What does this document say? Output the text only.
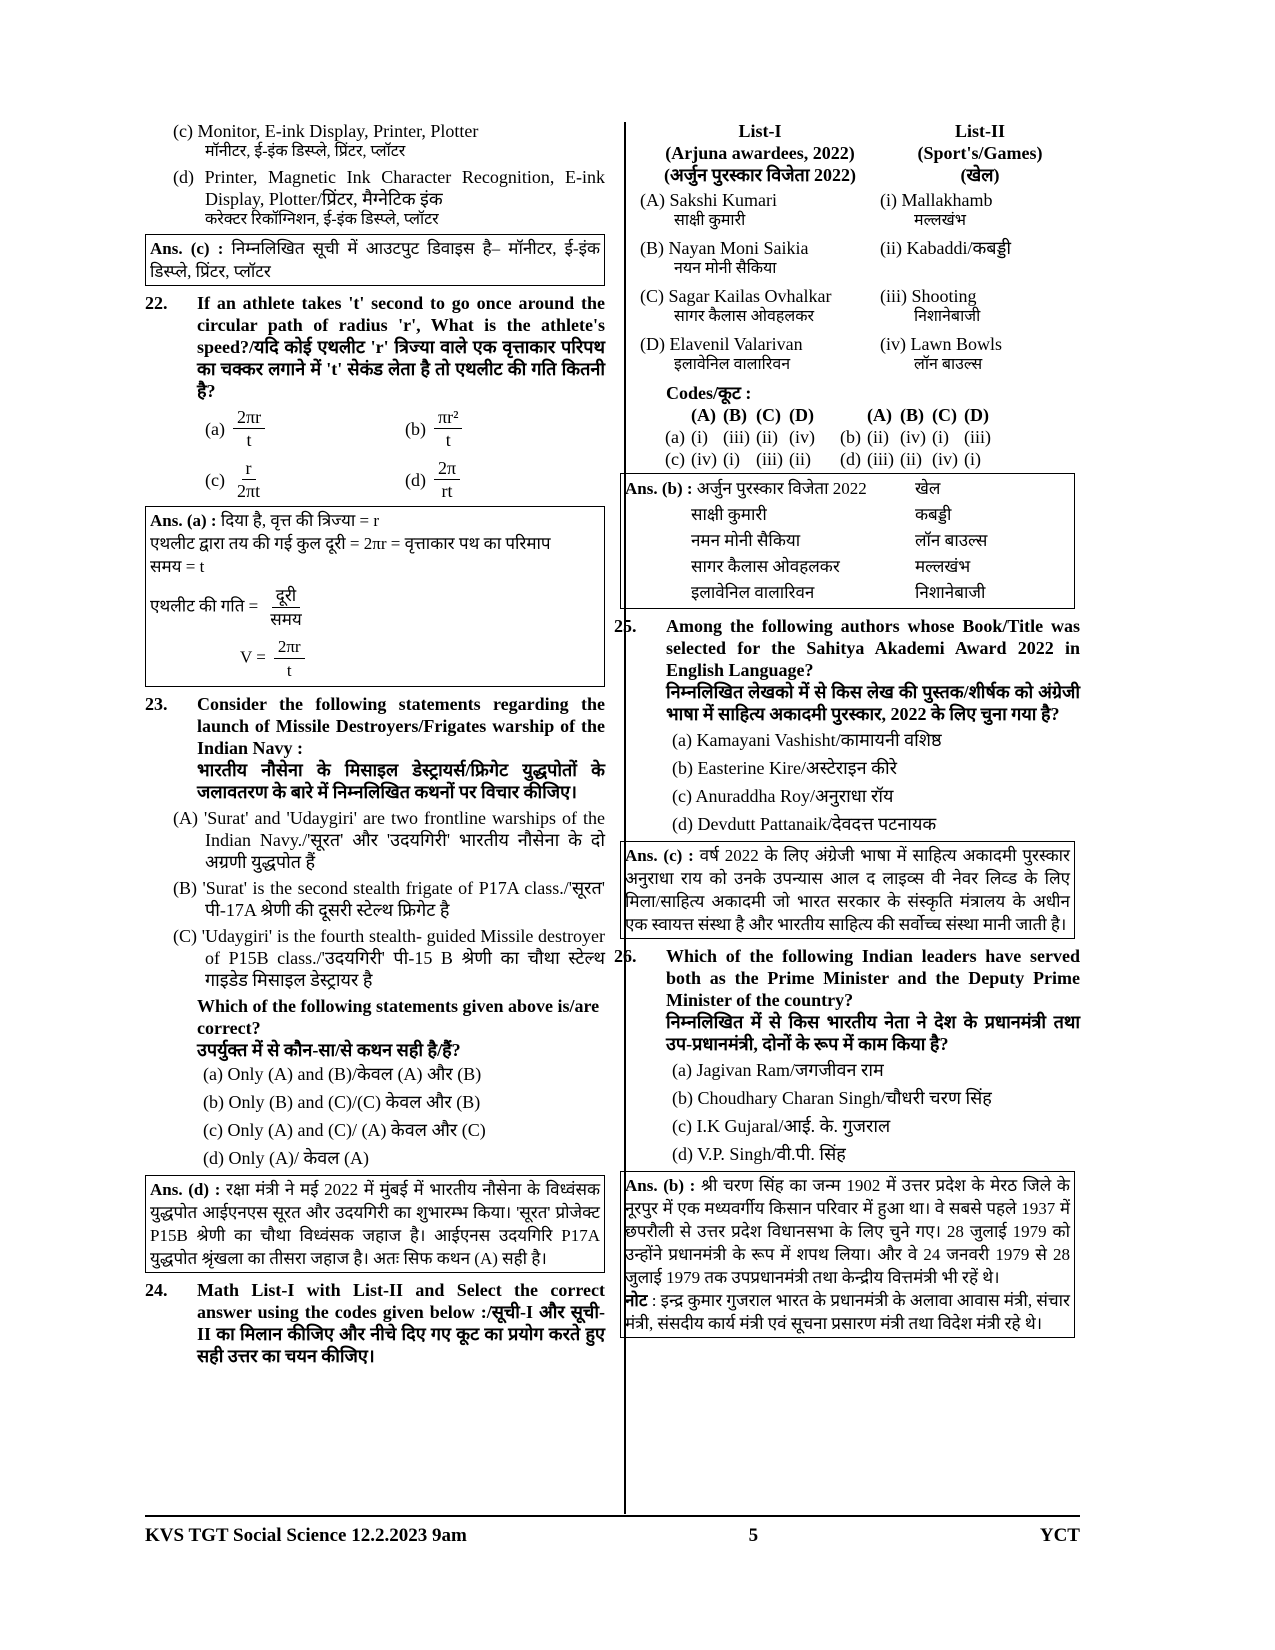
(c) Monitor, E-ink Display, Printer, Plotter
मॉनीटर, ई-इंक डिस्प्ले, प्रिंटर, प्लॉटर
(d) Printer, Magnetic Ink Character Recognition, E-ink Display, Plotter/प्रिंटर, मैग्नेटिक इंक
करेक्टर रिकॉग्निशन, ई-इंक डिस्प्ले, प्लॉटर
Ans. (c) : निम्नलिखित सूची में आउटपुट डिवाइस है– मॉनीटर, ई-इंक डिस्प्ले, प्रिंटर, प्लॉटर
22.	If an athlete takes 't' second to go once around the circular path of radius 'r', What is the athlete's speed?/यदि कोई एथलीट 'r' त्रिज्या वाले एक वृत्ताकार परिपथ का चक्कर लगाने में 't' सेकंड लेता है तो एथलीट की गति कितनी है?
$(a) \frac{2\pi r}{t}$	$(b) \frac{\text{πr²}}{t}$
$(c) \frac{r}{2\pi t}$	$(d) \frac{2\pi}{rt}$
Ans. (a) : दिया है, वृत्त की त्रिज्या = r
एथलीट द्वारा तय की गई कुल दूरी = 2πr = वृत्ताकार पथ का परिमाप
समय = t
एथलीट की गति = $\frac{\text{दूरी}}{\text{समय}}$
$V = \frac{2\pi r}{t}$
23.	Consider the following statements regarding the launch of Missile Destroyers/Frigates warship of the Indian Navy :
भारतीय नौसेना के मिसाइल डेस्ट्रायर्स/फ्रिगेट युद्धपोतों के जलावतरण के बारे में निम्नलिखित कथनों पर विचार कीजिए।
(A) 'Surat' and 'Udaygiri' are two frontline warships of the Indian Navy./'सूरत' और 'उदयगिरी' भारतीय नौसेना के दो अग्रणी युद्धपोत हैं
(B) 'Surat' is the second stealth frigate of P17A class./'सूरत' पी-17A श्रेणी की दूसरी स्टेल्थ फ्रिगेट है
(C) 'Udaygiri' is the fourth stealth- guided Missile destroyer of P15B class./'उदयगिरी' पी-15 B श्रेणी का चौथा स्टेल्थ गाइडेड मिसाइल डेस्ट्रायर है
Which of the following statements given above is/are correct?
उपर्युक्त में से कौन-सा/से कथन सही है/हैं?
(a) Only (A) and (B)/केवल (A) और (B)
(b) Only (B) and (C)/(C) केवल और (B)
(c) Only (A) and (C)/ (A) केवल और (C)
(d) Only (A)/ केवल (A)
Ans. (d) : रक्षा मंत्री ने मई 2022 में मुंबई में भारतीय नौसेना के विध्वंसक युद्धपोत आईएनएस सूरत और उदयगिरी का शुभारम्भ किया। 'सूरत' प्रोजेक्ट P15B श्रेणी का चौथा विध्वंसक जहाज है। आईएनस उदयगिरि P17A युद्धपोत श्रृंखला का तीसरा जहाज है। अतः सिफ कथन (A) सही है।
24.	Math List-I with List-II and Select the correct answer using the codes given below :/सूची-I और सूची-II का मिलान कीजिए और नीचे दिए गए कूट का प्रयोग करते हुए सही उत्तर का चयन कीजिए।
List-I
(Arjuna awardees, 2022)
(अर्जुन पुरस्कार विजेता 2022)
List-II
(Sport's/Games)
(खेल)
(A) Sakshi Kumari
साक्षी कुमारी
(i) Mallakhamb
मल्लखंभ
(B) Nayan Moni Saikia
नयन मोनी सैकिया
(ii) Kabaddi/कबड्डी
(C) Sagar Kailas Ovhalkar
सागर कैलास ओवहलकर
(iii) Shooting
निशानेबाजी
(D) Elavenil Valarivan
इलावेनिल वालारिवन
(iv) Lawn Bowls
लॉन बाउल्स
Codes/कूट :
	(A)	(B)	(C)	(D)		(A)	(B)	(C)	(D)
(a)	(i)	(iii)	(ii)	(iv)	(b)	(ii)	(iv)	(i)	(iii)
(c)	(iv)	(i)	(iii)	(ii)	(d)	(iii)	(ii)	(iv)	(i)
Ans. (b) : अर्जुन पुरस्कार विजेता 2022	खेल
साक्षी कुमारी	कबड्डी
नमन मोनी सैकिया	लॉन बाउल्स
सागर कैलास ओवहलकर	मल्लखंभ
इलावेनिल वालारिवन	निशानेबाजी
25.	Among the following authors whose Book/Title was selected for the Sahitya Akademi Award 2022 in English Language?
निम्नलिखित लेखको में से किस लेख की पुस्तक/शीर्षक को अंग्रेजी भाषा में साहित्य अकादमी पुरस्कार, 2022 के लिए चुना गया है?
(a) Kamayani Vashisht/कामायनी वशिष्ठ
(b) Easterine Kire/अस्टेराइन कीरे
(c) Anuraddha Roy/अनुराधा रॉय
(d) Devdutt Pattanaik/देवदत्त पटनायक
Ans. (c) : वर्ष 2022 के लिए अंग्रेजी भाषा में साहित्य अकादमी पुरस्कार अनुराधा राय को उनके उपन्यास आल द लाइव्स वी नेवर लिव्ड के लिए मिला/साहित्य अकादमी जो भारत सरकार के संस्कृति मंत्रालय के अधीन एक स्वायत्त संस्था है और भारतीय साहित्य की सर्वोच्च संस्था मानी जाती है।
26.	Which of the following Indian leaders have served both as the Prime Minister and the Deputy Prime Minister of the country?
निम्नलिखित में से किस भारतीय नेता ने देश के प्रधानमंत्री तथा उप-प्रधानमंत्री, दोनों के रूप में काम किया है?
(a) Jagivan Ram/जगजीवन राम
(b) Choudhary Charan Singh/चौधरी चरण सिंह
(c) I.K Gujaral/आई. के. गुजराल
(d) V.P. Singh/वी.पी. सिंह
Ans. (b) : श्री चरण सिंह का जन्म 1902 में उत्तर प्रदेश के मेरठ जिले के नूरपुर में एक मध्यवर्गीय किसान परिवार में हुआ था। वे सबसे पहले 1937 में छपरौली से उत्तर प्रदेश विधानसभा के लिए चुने गए। 28 जुलाई 1979 को उन्होंने प्रधानमंत्री के रूप में शपथ लिया। और वे 24 जनवरी 1979 से 28 जुलाई 1979 तक उपप्रधानमंत्री तथा केन्द्रीय वित्तमंत्री भी रहें थे।
नोट : इन्द्र कुमार गुजराल भारत के प्रधानमंत्री के अलावा आवास मंत्री, संचार मंत्री, संसदीय कार्य मंत्री एवं सूचना प्रसारण मंत्री तथा विदेश मंत्री रहे थे।
KVS TGT Social Science 12.2.2023 9am	5	YCT
